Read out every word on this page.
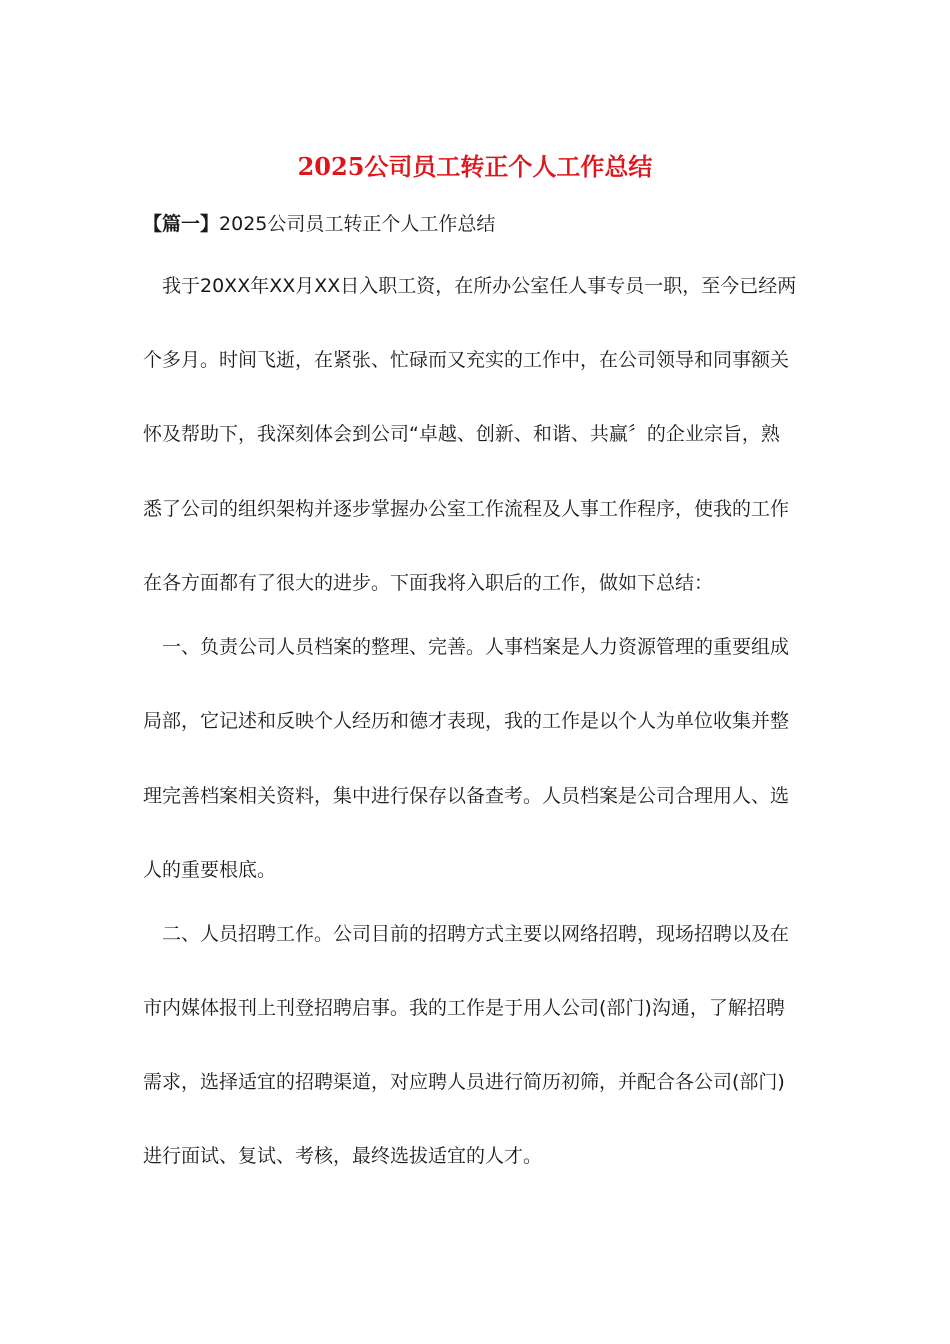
2025公司员工转正个人工作总结
【篇一】2025公司员工转正个人工作总结
　我于20XX年XX月XX日入职工资，在所办公室任人事专员一职，至今已经两
个多月。时间飞逝，在紧张、忙碌而又充实的工作中，在公司领导和同事额关
怀及帮助下，我深刻体会到公司“卓越、创新、和谐、共赢〞的企业宗旨，熟
悉了公司的组织架构并逐步掌握办公室工作流程及人事工作程序，使我的工作
在各方面都有了很大的进步。下面我将入职后的工作，做如下总结：
　一、负责公司人员档案的整理、完善。人事档案是人力资源管理的重要组成
局部，它记述和反映个人经历和德才表现，我的工作是以个人为单位收集并整
理完善档案相关资料，集中进行保存以备查考。人员档案是公司合理用人、选
人的重要根底。
　二、人员招聘工作。公司目前的招聘方式主要以网络招聘，现场招聘以及在
市内媒体报刊上刊登招聘启事。我的工作是于用人公司(部门)沟通，了解招聘
需求，选择适宜的招聘渠道，对应聘人员进行简历初筛，并配合各公司(部门)
进行面试、复试、考核，最终选拔适宜的人才。
